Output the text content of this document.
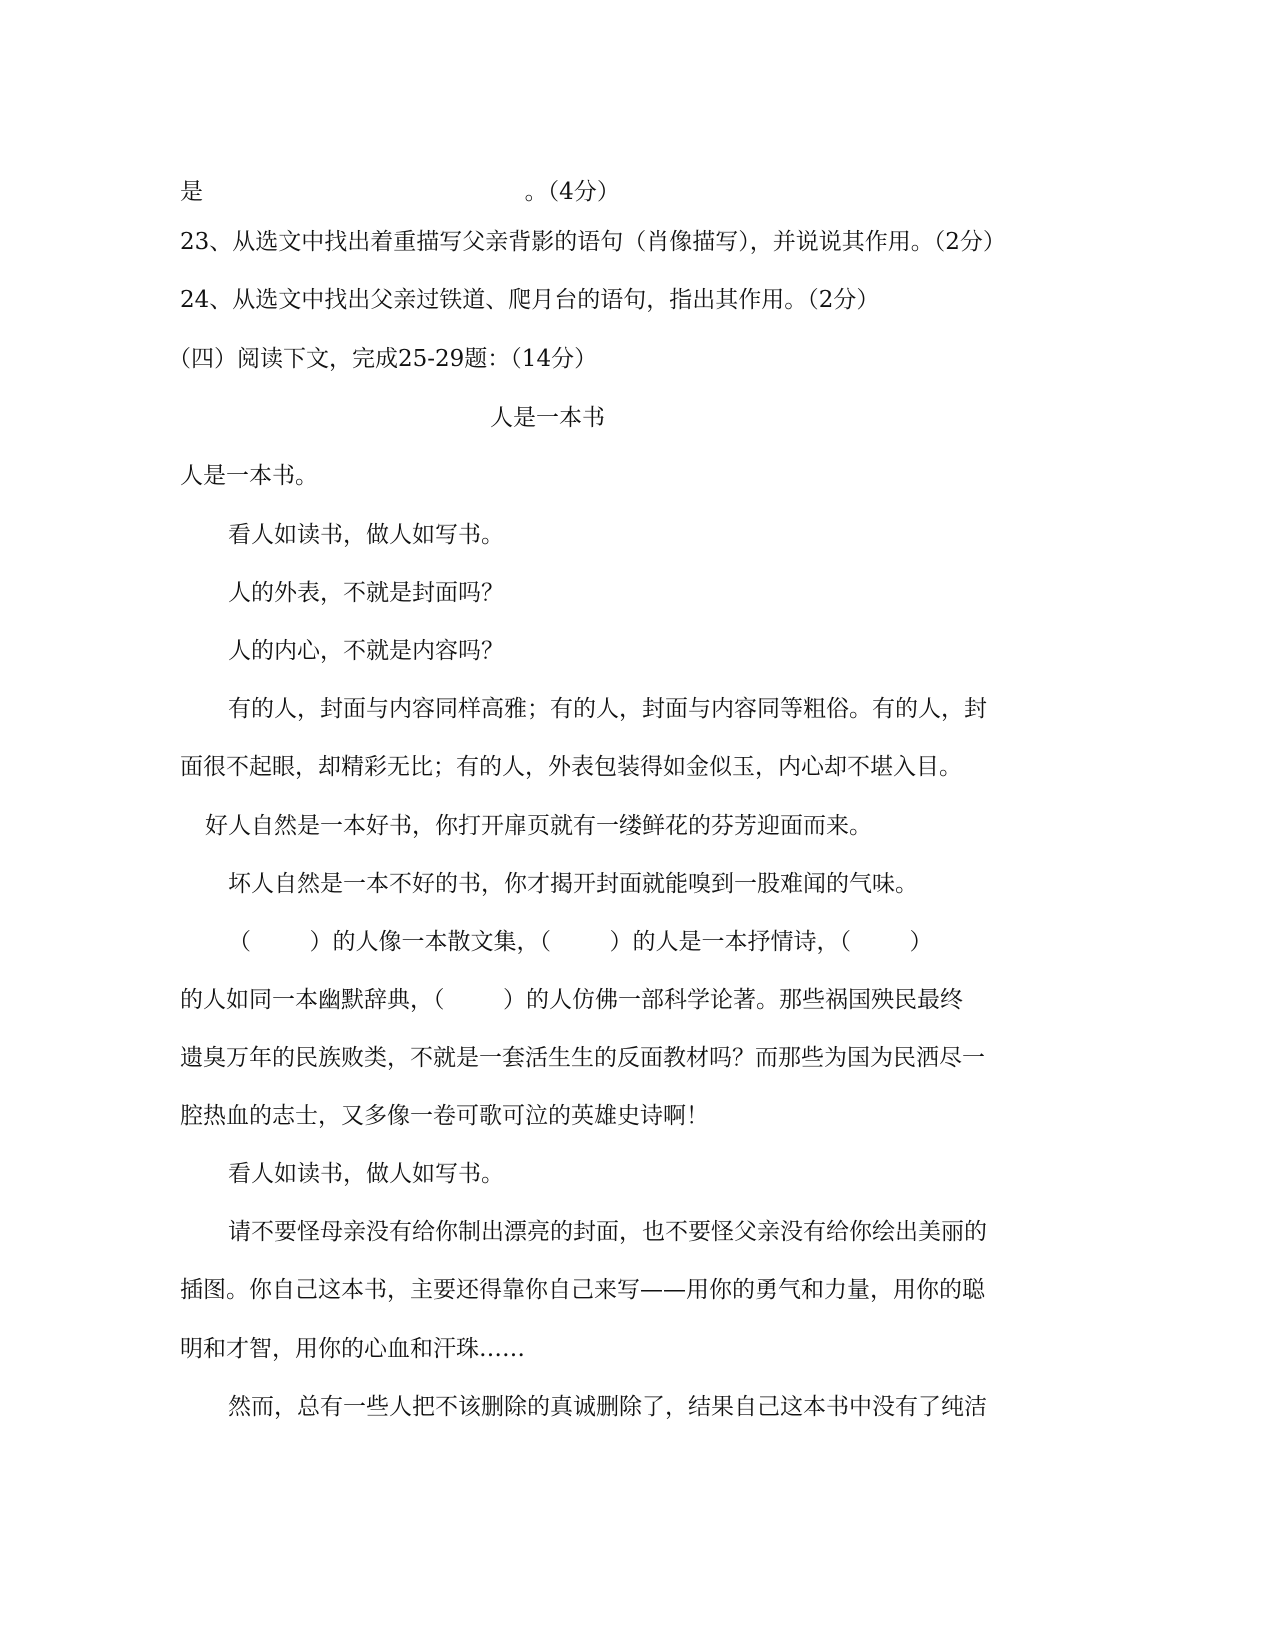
是                                            。（4分）
23、从选文中找出着重描写父亲背影的语句（肖像描写），并说说其作用。（2分）
24、从选文中找出父亲过铁道、爬月台的语句，指出其作用。（2分）
（四）阅读下文，完成25-29题：（14分）
人是一本书
人是一本书。
看人如读书，做人如写书。
人的外表，不就是封面吗？
人的内心，不就是内容吗？
有的人，封面与内容同样高雅；有的人，封面与内容同等粗俗。有的人，封
面很不起眼，却精彩无比；有的人，外表包装得如金似玉，内心却不堪入目。
好人自然是一本好书，你打开扉页就有一缕鲜花的芬芳迎面而来。
坏人自然是一本不好的书，你才揭开封面就能嗅到一股难闻的气味。
（        ）的人像一本散文集，（        ）的人是一本抒情诗，（        ）
的人如同一本幽默辞典，（        ）的人仿佛一部科学论著。那些祸国殃民最终
遗臭万年的民族败类，不就是一套活生生的反面教材吗？而那些为国为民洒尽一
腔热血的志士，又多像一卷可歌可泣的英雄史诗啊！
看人如读书，做人如写书。
请不要怪母亲没有给你制出漂亮的封面，也不要怪父亲没有给你绘出美丽的
插图。你自己这本书，主要还得靠你自己来写——用你的勇气和力量，用你的聪
明和才智，用你的心血和汗珠……
然而，总有一些人把不该删除的真诚删除了，结果自己这本书中没有了纯洁
